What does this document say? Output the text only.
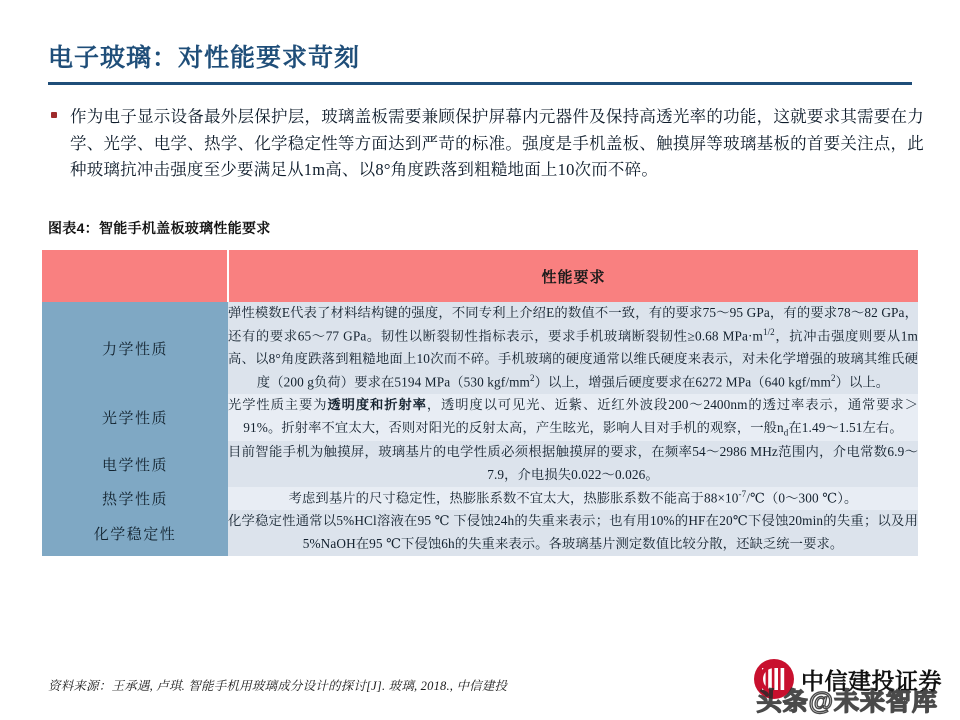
电子玻璃：对性能要求苛刻
作为电子显示设备最外层保护层，玻璃盖板需要兼顾保护屏幕内元器件及保持高透光率的功能，这就要求其需要在力学、光学、电学、热学、化学稳定性等方面达到严苛的标准。强度是手机盖板、触摸屏等玻璃基板的首要关注点，此种玻璃抗冲击强度至少要满足从1m高、以8°角度跌落到粗糙地面上10次而不碎。
图表4：智能手机盖板玻璃性能要求
	性能要求
力学性质	弹性模数E代表了材料结构键的强度，不同专利上介绍E的数值不一致，有的要求75～95 GPa，有的要求78～82 GPa，还有的要求65～77 GPa。韧性以断裂韧性指标表示，要求手机玻璃断裂韧性≥0.68 $MPa\cdot m^{1/2}$，抗冲击强度则要从1m高、以8°角度跌落到粗糙地面上10次而不碎。手机玻璃的硬度通常以维氏硬度来表示，对未化学增强的玻璃其维氏硬度（200 g负荷）要求在5194 MPa（530 kgf/$mm^2$）以上，增强后硬度要求在6272 MPa（640 kgf/$mm^2$）以上。

光学性质	光学性质主要为透明度和折射率，透明度以可见光、近紫、近红外波段200～2400nm的透过率表示，通常要求＞91%。折射率不宜太大，否则对阳光的反射太高，产生眩光，影响人目对手机的观察，一般$n_d$在1.49～1.51左右。

电学性质	目前智能手机为触摸屏，玻璃基片的电学性质必须根据触摸屏的要求，在频率54～2986 MHz范围内，介电常数6.9～7.9，介电损失0.022～0.026。

热学性质	考虑到基片的尺寸稳定性，热膨胀系数不宜太大，热膨胀系数不能高于$88\times 10^{-7}/℃(0\sim 300$ ℃）。

化学稳定性	化学稳定性通常以5%HCl溶液在95 ℃ 下侵蚀24h的失重来表示；也有用10%的HF在20℃下侵蚀20min的失重；以及用5%NaOH在95 ℃下侵蚀6h的失重来表示。各玻璃基片测定数值比较分散，还缺乏统一要求。

资料来源：王承遇, 卢琪. 智能手机用玻璃成分设计的探讨[J]. 玻璃, 2018., 中信建投	中信建投证券
头条@未来智库
